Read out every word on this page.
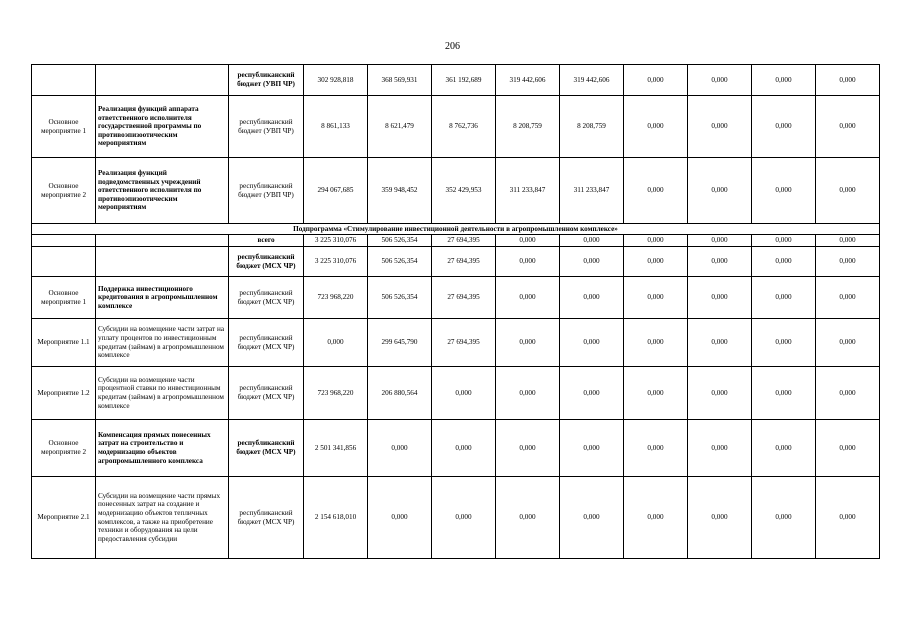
206
		республиканский бюджет (УВП ЧР)	302 928,818	368 569,931	361 192,689	319 442,606	319 442,606	0,000	0,000	0,000	0,000
Основное мероприятие 1	Реализация функций аппарата ответственного исполнителя государственной программы по противоэпизоотическим мероприятиям	республиканский бюджет (УВП ЧР)	8 861,133	8 621,479	8 762,736	8 208,759	8 208,759	0,000	0,000	0,000	0,000
Основное мероприятие 2	Реализация функций подведомственных учреждений ответственного исполнителя по противоэпизоотическим мероприятиям	республиканский бюджет (УВП ЧР)	294 067,685	359 948,452	352 429,953	311 233,847	311 233,847	0,000	0,000	0,000	0,000
Подпрограмма «Стимулирование инвестиционной деятельности в агропромышленном комплексе»											
		всего	3 225 310,076	506 526,354	27 694,395	0,000	0,000	0,000	0,000	0,000	0,000
		республиканский бюджет (МСХ ЧР)	3 225 310,076	506 526,354	27 694,395	0,000	0,000	0,000	0,000	0,000	0,000
Основное мероприятие 1	Поддержка инвестиционного кредитования в агропромышленном комплексе	республиканский бюджет (МСХ ЧР)	723 968,220	506 526,354	27 694,395	0,000	0,000	0,000	0,000	0,000	0,000
Мероприятие 1.1	Субсидии на возмещение части затрат на уплату процентов по инвестиционным кредитам (займам) в агропромышленном комплексе	республиканский бюджет (МСХ ЧР)	0,000	299 645,790	27 694,395	0,000	0,000	0,000	0,000	0,000	0,000
Мероприятие 1.2	Субсидии на возмещение части процентной ставки по инвестиционным кредитам (займам) в агропромышленном комплексе	республиканский бюджет (МСХ ЧР)	723 968,220	206 880,564	0,000	0,000	0,000	0,000	0,000	0,000	0,000
Основное мероприятие 2	Компенсация прямых понесенных затрат на строительство и модернизацию объектов агропромышленного комплекса	республиканский бюджет (МСХ ЧР)	2 501 341,856	0,000	0,000	0,000	0,000	0,000	0,000	0,000	0,000
Мероприятие 2.1	Субсидии на возмещение части прямых понесенных затрат на создание и модернизацию объектов тепличных комплексов, а также на приобретение техники и оборудования на цели предоставления субсидии	республиканский бюджет (МСХ ЧР)	2 154 618,010	0,000	0,000	0,000	0,000	0,000	0,000	0,000	0,000
